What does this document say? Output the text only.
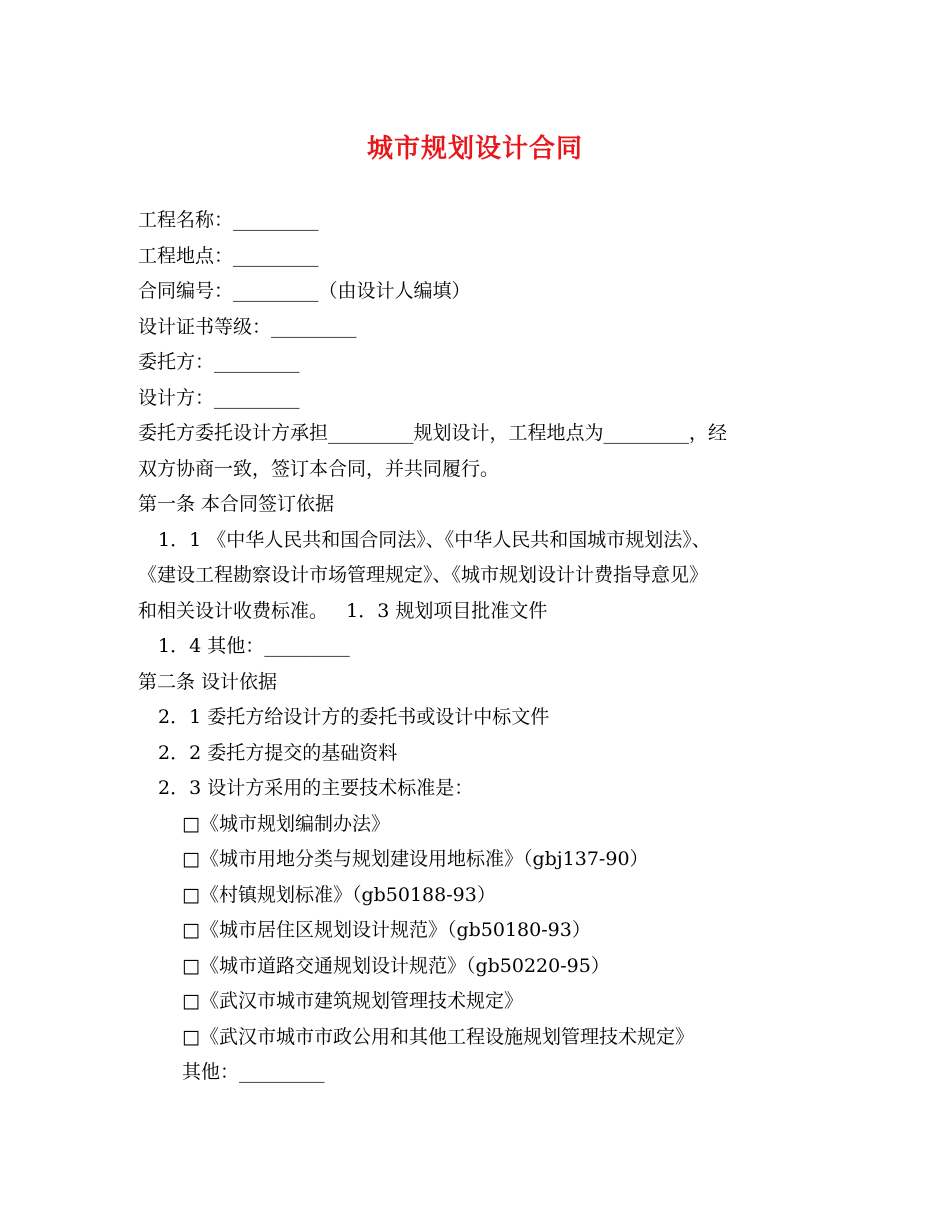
城市规划设计合同
工程名称：_________
工程地点：_________
合同编号：_________（由设计人编填）
设计证书等级：_________
委托方：_________
设计方：_________
委托方委托设计方承担_________规划设计，工程地点为_________，经
双方协商一致，签订本合同，并共同履行。
第一条 本合同签订依据
1．1 《中华人民共和国合同法》、《中华人民共和国城市规划法》、
《建设工程勘察设计市场管理规定》、《城市规划设计计费指导意见》
和相关设计收费标准。   1．3 规划项目批准文件
1．4 其他：_________
第二条 设计依据
2．1 委托方给设计方的委托书或设计中标文件
2．2 委托方提交的基础资料
2．3 设计方采用的主要技术标准是：
□《城市规划编制办法》
□《城市用地分类与规划建设用地标准》（gbj137-90）
□《村镇规划标准》（gb50188-93）
□《城市居住区规划设计规范》（gb50180-93）
□《城市道路交通规划设计规范》（gb50220-95）
□《武汉市城市建筑规划管理技术规定》
□《武汉市城市市政公用和其他工程设施规划管理技术规定》
其他：_________
